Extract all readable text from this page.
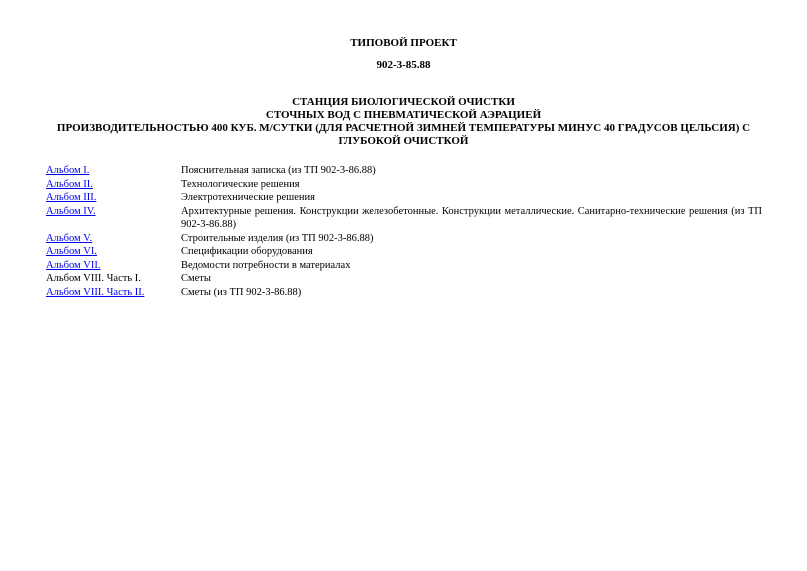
ТИПОВОЙ ПРОЕКТ
902-3-85.88
СТАНЦИЯ БИОЛОГИЧЕСКОЙ ОЧИСТКИ
СТОЧНЫХ ВОД С ПНЕВМАТИЧЕСКОЙ АЭРАЦИЕЙ
ПРОИЗВОДИТЕЛЬНОСТЬЮ 400 КУБ. М/СУТКИ (ДЛЯ РАСЧЕТНОЙ ЗИМНЕЙ ТЕМПЕРАТУРЫ МИНУС 40 ГРАДУСОВ ЦЕЛЬСИЯ) С ГЛУБОКОЙ ОЧИСТКОЙ
Альбом I.	Пояснительная записка (из ТП 902-3-86.88)
Альбом II.	Технологические решения
Альбом III.	Электротехнические решения
Альбом IV.	Архитектурные решения. Конструкции железобетонные. Конструкции металлические. Санитарно-технические решения (из ТП 902-3-86.88)
Альбом V.	Строительные изделия (из ТП 902-3-86.88)
Альбом VI.	Спецификации оборудования
Альбом VII.	Ведомости потребности в материалах
Альбом VIII. Часть I.	Сметы
Альбом VIII. Часть II.	Сметы (из ТП 902-3-86.88)
